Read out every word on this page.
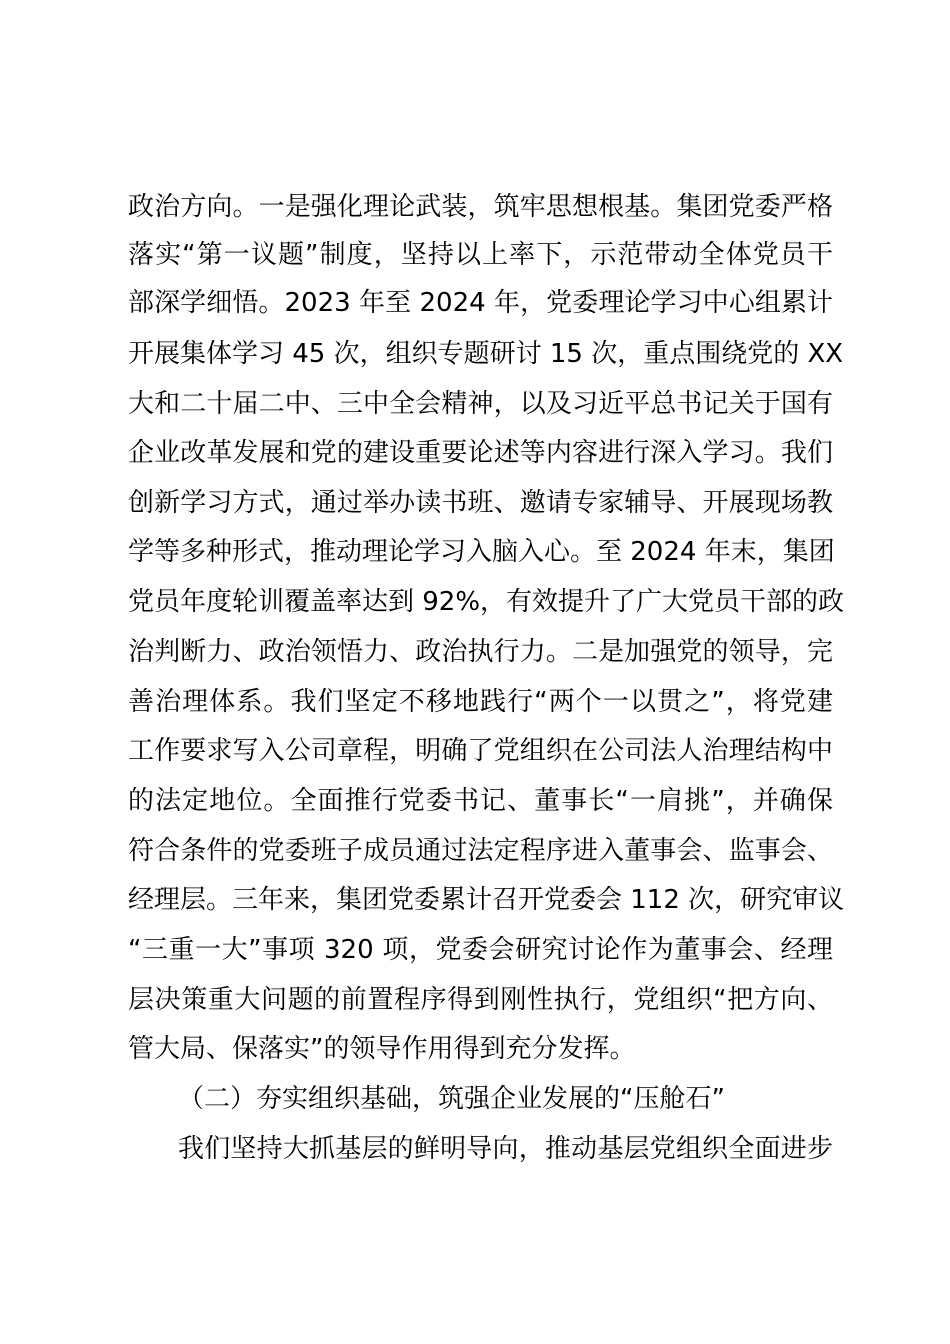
政治方向。一是强化理论武装，筑牢思想根基。集团党委严格
落实“第一议题”制度，坚持以上率下，示范带动全体党员干
部深学细悟。2023 年至 2024 年，党委理论学习中心组累计
开展集体学习 45 次，组织专题研讨 15 次，重点围绕党的 XX
大和二十届二中、三中全会精神，以及习近平总书记关于国有
企业改革发展和党的建设重要论述等内容进行深入学习。我们
创新学习方式，通过举办读书班、邀请专家辅导、开展现场教
学等多种形式，推动理论学习入脑入心。至 2024 年末，集团
党员年度轮训覆盖率达到 92%，有效提升了广大党员干部的政
治判断力、政治领悟力、政治执行力。二是加强党的领导，完
善治理体系。我们坚定不移地践行“两个一以贯之”，将党建
工作要求写入公司章程，明确了党组织在公司法人治理结构中
的法定地位。全面推行党委书记、董事长“一肩挑”，并确保
符合条件的党委班子成员通过法定程序进入董事会、监事会、
经理层。三年来，集团党委累计召开党委会 112 次，研究审议
“三重一大”事项 320 项，党委会研究讨论作为董事会、经理
层决策重大问题的前置程序得到刚性执行，党组织“把方向、
管大局、保落实”的领导作用得到充分发挥。
（二）夯实组织基础，筑强企业发展的“压舱石”
我们坚持大抓基层的鲜明导向，推动基层党组织全面进步
